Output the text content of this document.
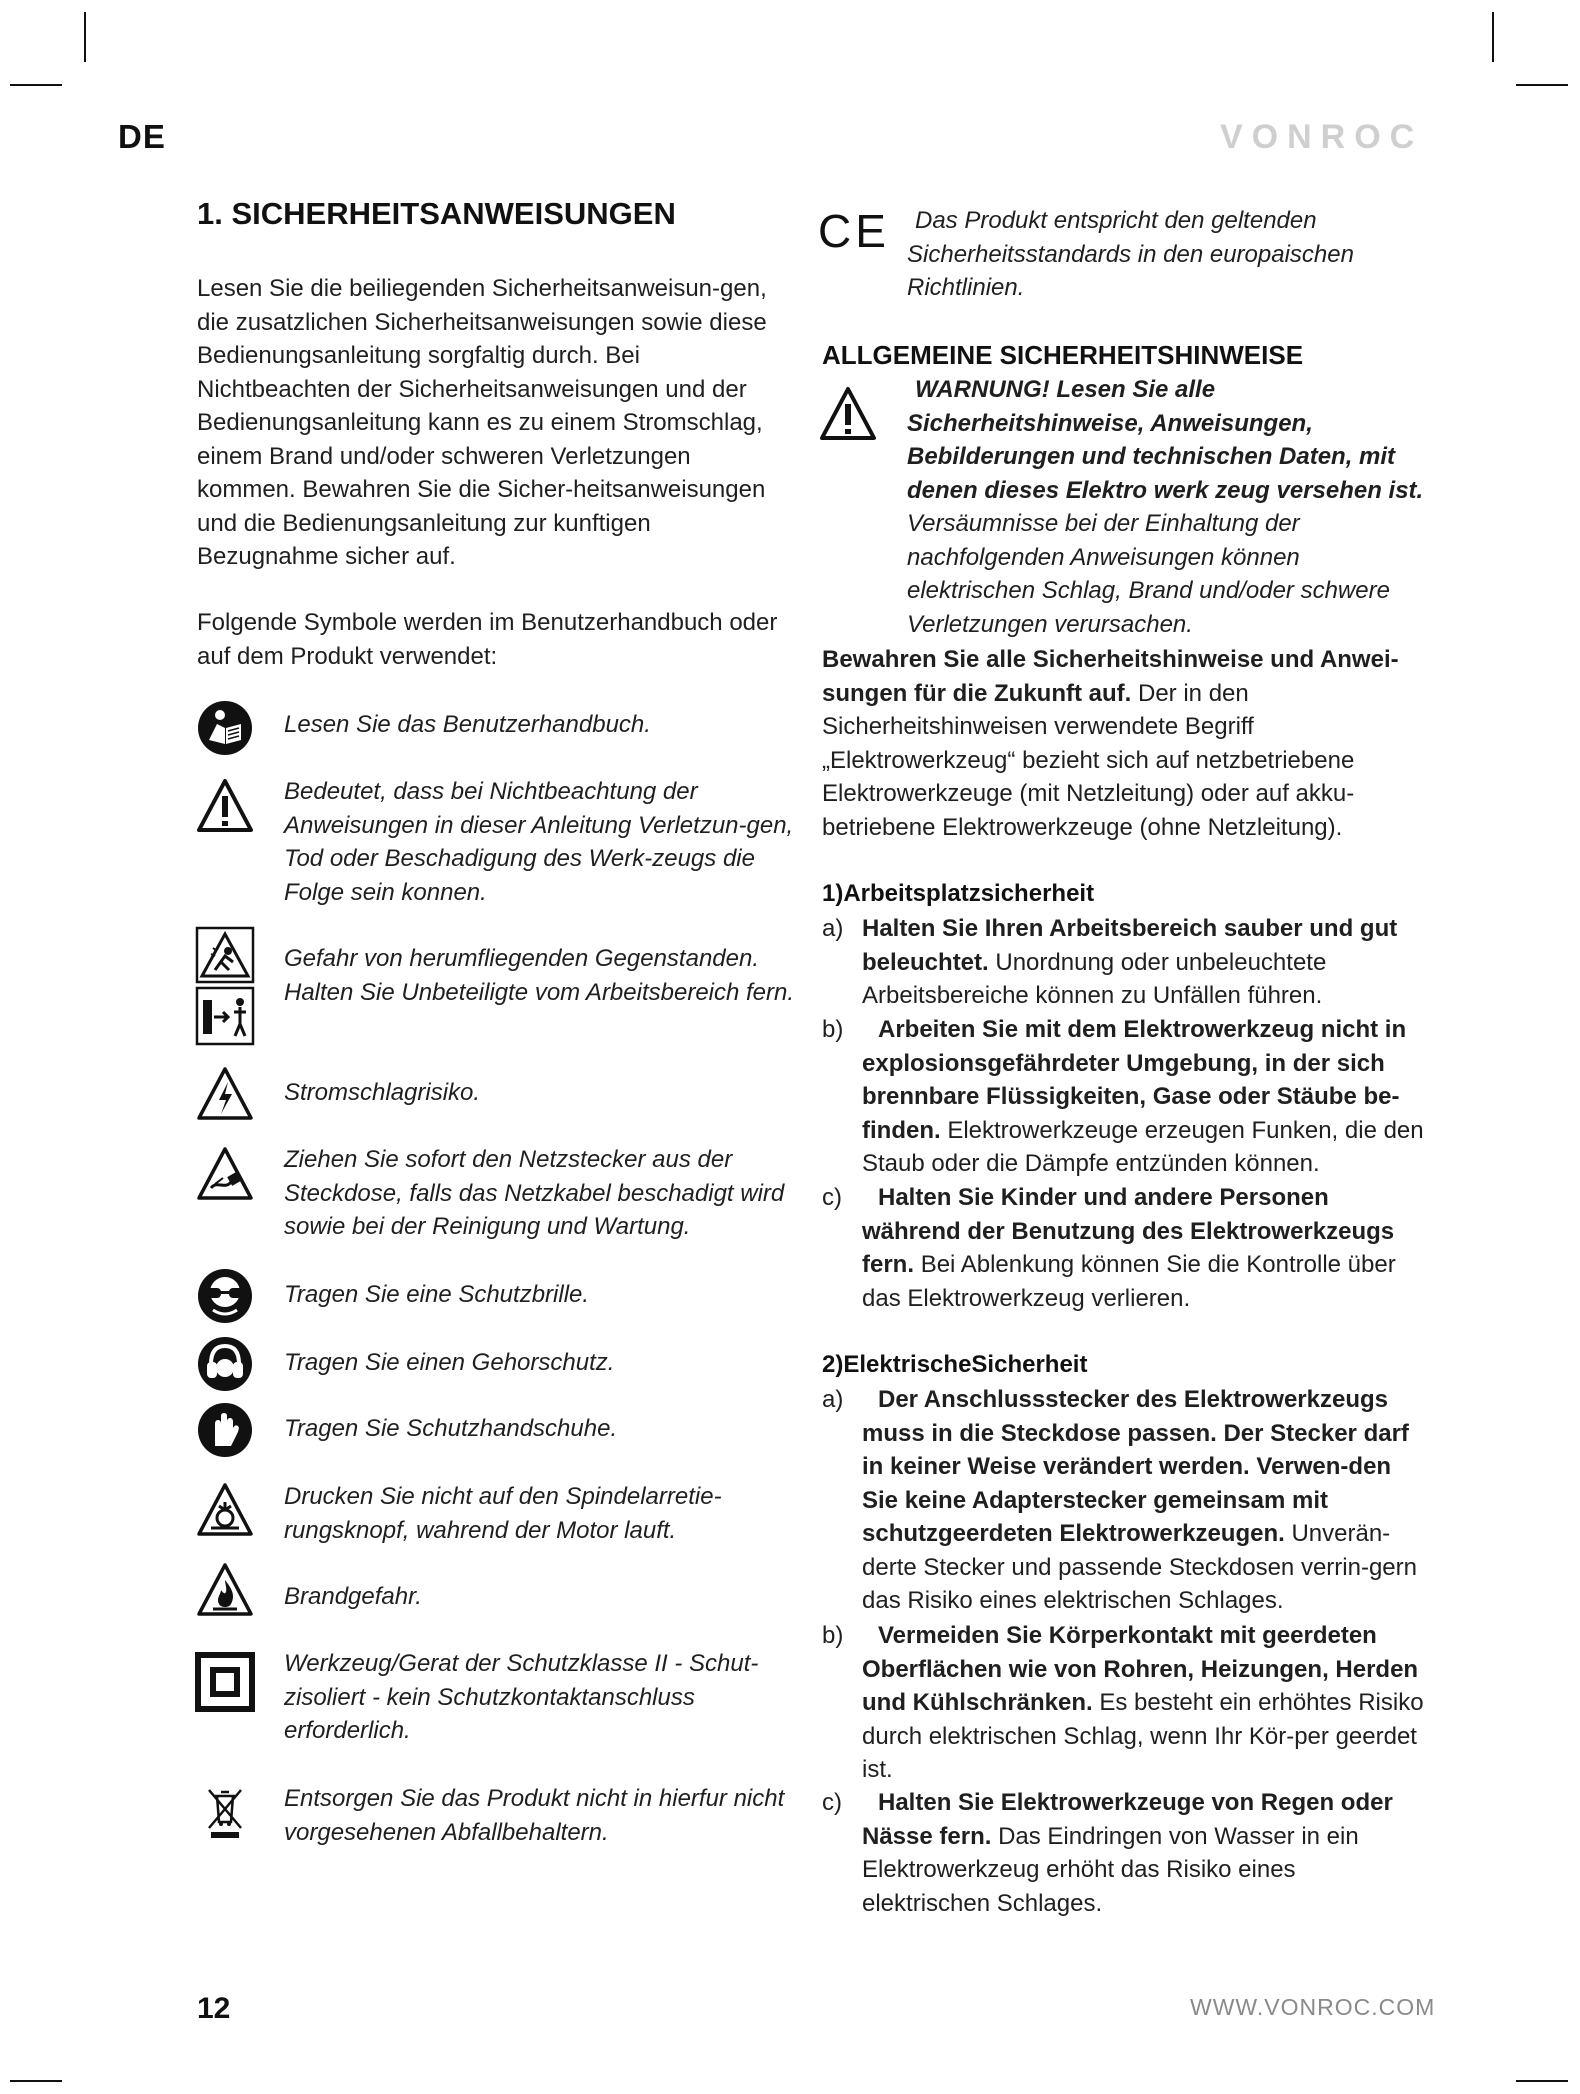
DE	VONROC
1. SICHERHEITSANWEISUNGEN
Lesen Sie die beiliegenden Sicherheitsanweisun-gen, die zusatzlichen Sicherheitsanweisungen sowie diese Bedienungsanleitung sorgfaltig durch. Bei Nichtbeachten der Sicherheitsanweisungen und der Bedienungsanleitung kann es zu einem Stromschlag, einem Brand und/oder schweren Verletzungen kommen. Bewahren Sie die Sicher-heitsanweisungen und die Bedienungsanleitung zur kunftigen Bezugnahme sicher auf.
Folgende Symbole werden im Benutzerhandbuch oder auf dem Produkt verwendet:
Lesen Sie das Benutzerhandbuch.
Bedeutet, dass bei Nichtbeachtung der Anweisungen in dieser Anleitung Verletzun-gen, Tod oder Beschadigung des Werk-zeugs die Folge sein konnen.
Gefahr von herumfliegenden Gegenstanden. Halten Sie Unbeteiligte vom Arbeitsbereich fern.
Stromschlagrisiko.
Ziehen Sie sofort den Netzstecker aus der Steckdose, falls das Netzkabel beschadigt wird sowie bei der Reinigung und Wartung.
Tragen Sie eine Schutzbrille.
Tragen Sie einen Gehorschutz.
Tragen Sie Schutzhandschuhe.
Drucken Sie nicht auf den Spindelarretie-rungsknopf, wahrend der Motor lauft.
Brandgefahr.
Werkzeug/Gerat der Schutzklasse II - Schut-zisoliert - kein Schutzkontaktanschluss erforderlich.
Entsorgen Sie das Produkt nicht in hierfur nicht vorgesehenen Abfallbehaltern.
CE	Das Produkt entspricht den geltenden Sicherheitsstandards in den europaischen Richtlinien.
ALLGEMEINE SICHERHEITSHINWEISE
WARNUNG! Lesen Sie alle Sicherheitshinweise, Anweisungen, Bebilderungen und technischen Daten, mit denen dieses Elektro werk zeug versehen ist. Versäumnisse bei der Einhaltung der nachfolgenden Anweisungen können elektrischen Schlag, Brand und/oder schwere Verletzungen verursachen.
Bewahren Sie alle Sicherheitshinweise und Anwei-sungen für die Zukunft auf. Der in den Sicherheitshinweisen verwendete Begriff „Elektrowerkzeug“ bezieht sich auf netzbetriebene Elektrowerkzeuge (mit Netzleitung) oder auf akku-betriebene Elektrowerkzeuge (ohne Netzleitung).
1)Arbeitsplatzsicherheit
a) Halten Sie Ihren Arbeitsbereich sauber und gut beleuchtet. Unordnung oder unbeleuchtete Arbeitsbereiche können zu Unfällen führen.
b)	Arbeiten Sie mit dem Elektrowerkzeug nicht in explosionsgefährdeter Umgebung, in der sich brennbare Flüssigkeiten, Gase oder Stäube be-finden. Elektrowerkzeuge erzeugen Funken, die den Staub oder die Dämpfe entzünden können.
c)	Halten Sie Kinder und andere Personen während der Benutzung des Elektrowerkzeugs fern. Bei Ablenkung können Sie die Kontrolle über das Elektrowerkzeug verlieren.
2)ElektrischeSicherheit
a)	Der Anschlussstecker des Elektrowerkzeugs muss in die Steckdose passen. Der Stecker darf in keiner Weise verändert werden. Verwen-den Sie keine Adapterstecker gemeinsam mit schutzgeerdeten Elektrowerkzeugen. Unverän-derte Stecker und passende Steckdosen verrin-gern das Risiko eines elektrischen Schlages.
b)	Vermeiden Sie Körperkontakt mit geerdeten Oberflächen wie von Rohren, Heizungen, Herden und Kühlschränken. Es besteht ein erhöhtes Risiko durch elektrischen Schlag, wenn Ihr Kör-per geerdet ist.
c)	Halten Sie Elektrowerkzeuge von Regen oder Nässe fern. Das Eindringen von Wasser in ein Elektrowerkzeug erhöht das Risiko eines elektrischen Schlages.
12	WWW.VONROC.COM
